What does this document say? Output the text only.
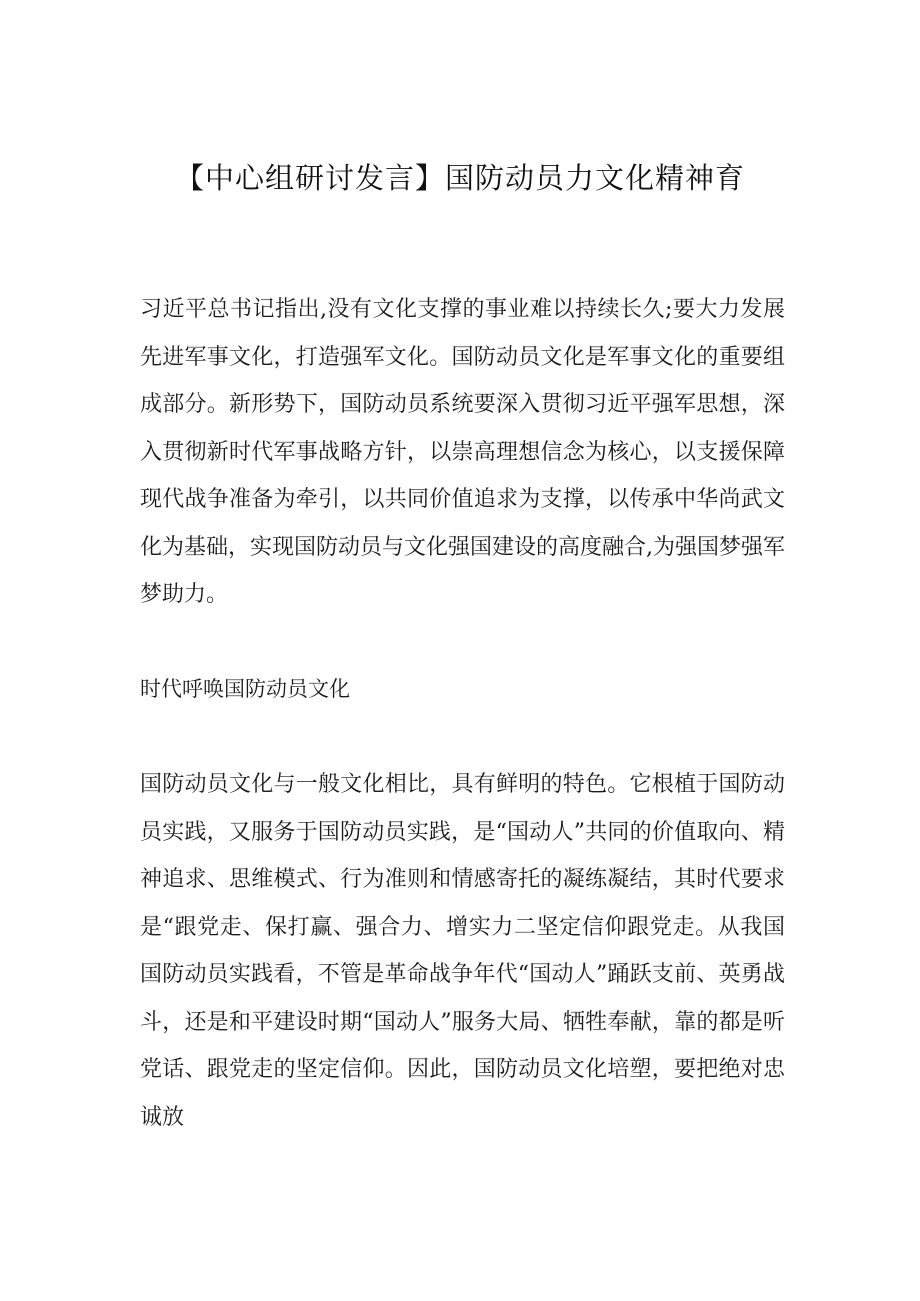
【中心组研讨发言】国防动员力文化精神育

习近平总书记指出,没有文化支撑的事业难以持续长久;要大力发展先进军事文化，打造强军文化。国防动员文化是军事文化的重要组成部分。新形势下，国防动员系统要深入贯彻习近平强军思想，深入贯彻新时代军事战略方针，以崇高理想信念为核心，以支援保障现代战争准备为牵引，以共同价值追求为支撑，以传承中华尚武文化为基础，实现国防动员与文化强国建设的高度融合,为强国梦强军梦助力。

时代呼唤国防动员文化

国防动员文化与一般文化相比，具有鲜明的特色。它根植于国防动员实践，又服务于国防动员实践，是“国动人”共同的价值取向、精神追求、思维模式、行为准则和情感寄托的凝练凝结，其时代要求是“跟党走、保打赢、强合力、增实力二坚定信仰跟党走。从我国国防动员实践看，不管是革命战争年代“国动人”踊跃支前、英勇战斗，还是和平建设时期“国动人”服务大局、牺牲奉献，靠的都是听党话、跟党走的坚定信仰。因此，国防动员文化培塑，要把绝对忠诚放
